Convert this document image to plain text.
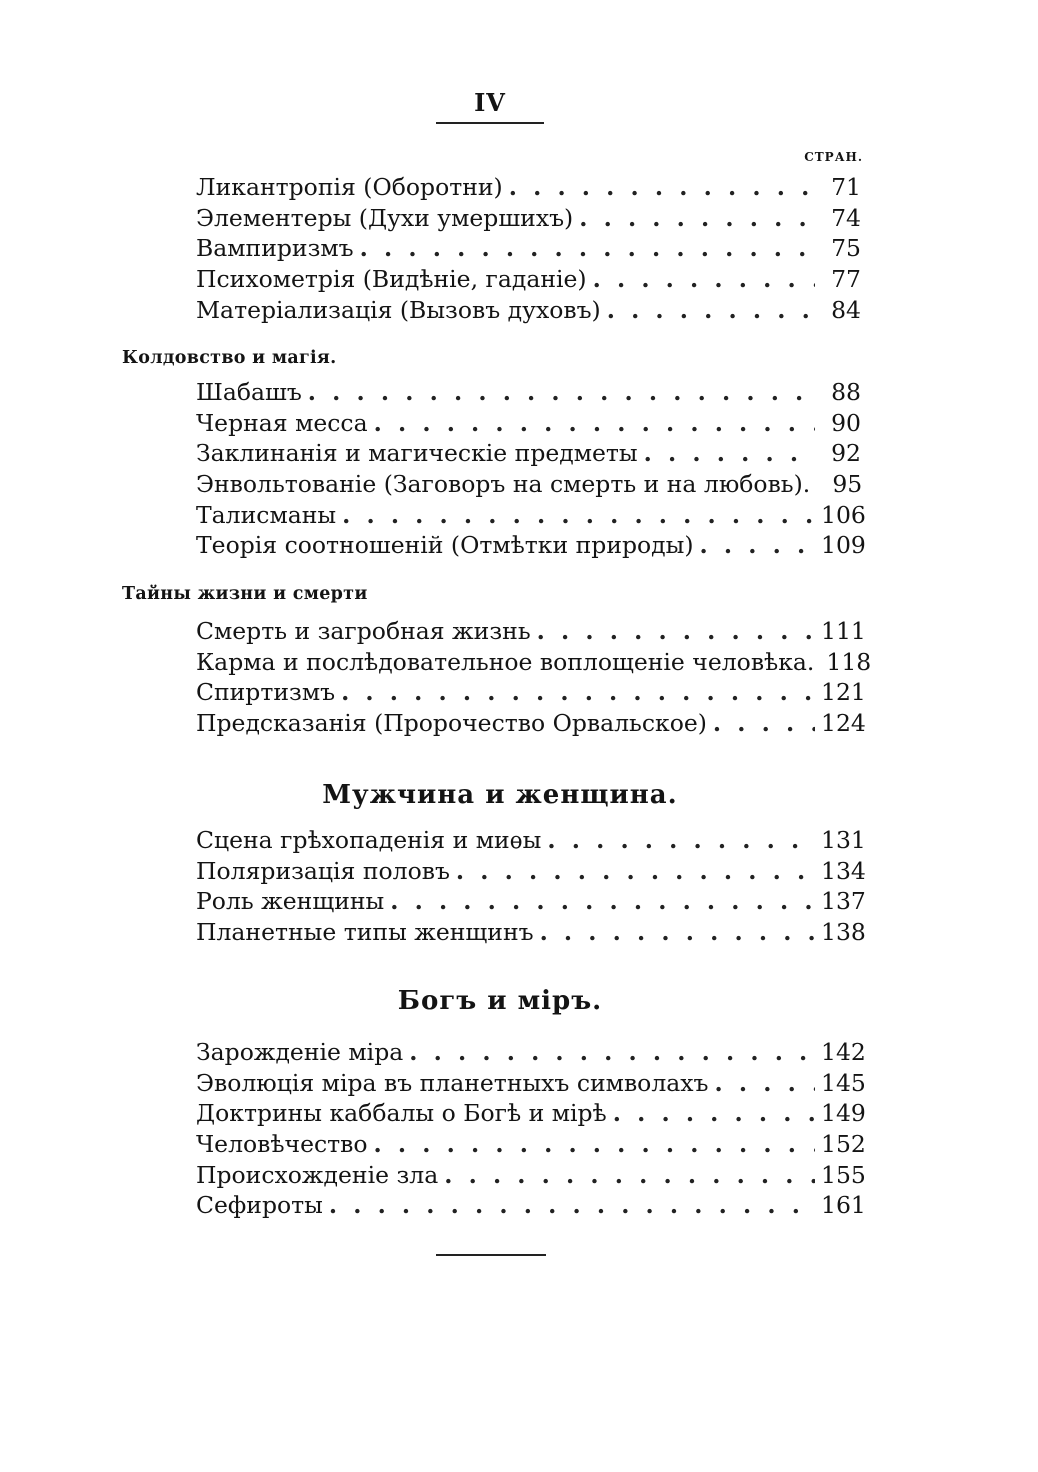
IV
СТРАН.
Ликантропія (Оборотни) . . .	71
Элементеры (Духи умершихъ) . . .	74
Вампиризмъ . . .	75
Психометрія (Видѣніе, гаданіе) . . .	77
Матеріализація (Вызовъ духовъ) . . .	84
Колдовство и магія.
Шабашъ . . .	88
Черная месса . . .	90
Заклинанія и магическіе предметы . . .	92
Энвольтованіе (Заговоръ на смерть и на любовь). 95
Талисманы . . .	106
Теорія соотношеній (Отмѣтки природы) . . .	109
Тайны жизни и смерти
Смерть и загробная жизнь . . .	111
Карма и послѣдовательное воплощеніе человѣка. 118
Спиртизмъ . . .	121
Предсказанія (Пророчество Орвальское) . . .	124
Мужчина и женщина.
Сцена грѣхопаденія и миѳы . . .	131
Поляризація половъ . . .	134
Роль женщины . . .	137
Планетные типы женщинъ . . .	138
Богъ и міръ.
Зарожденіе міра . . .	142
Эволюція міра въ планетныхъ символахъ . . .	145
Доктрины каббалы о Богѣ и мірѣ . . .	149
Человѣчество . . .	152
Происхожденіе зла . . .	155
Сефироты . . .	161
